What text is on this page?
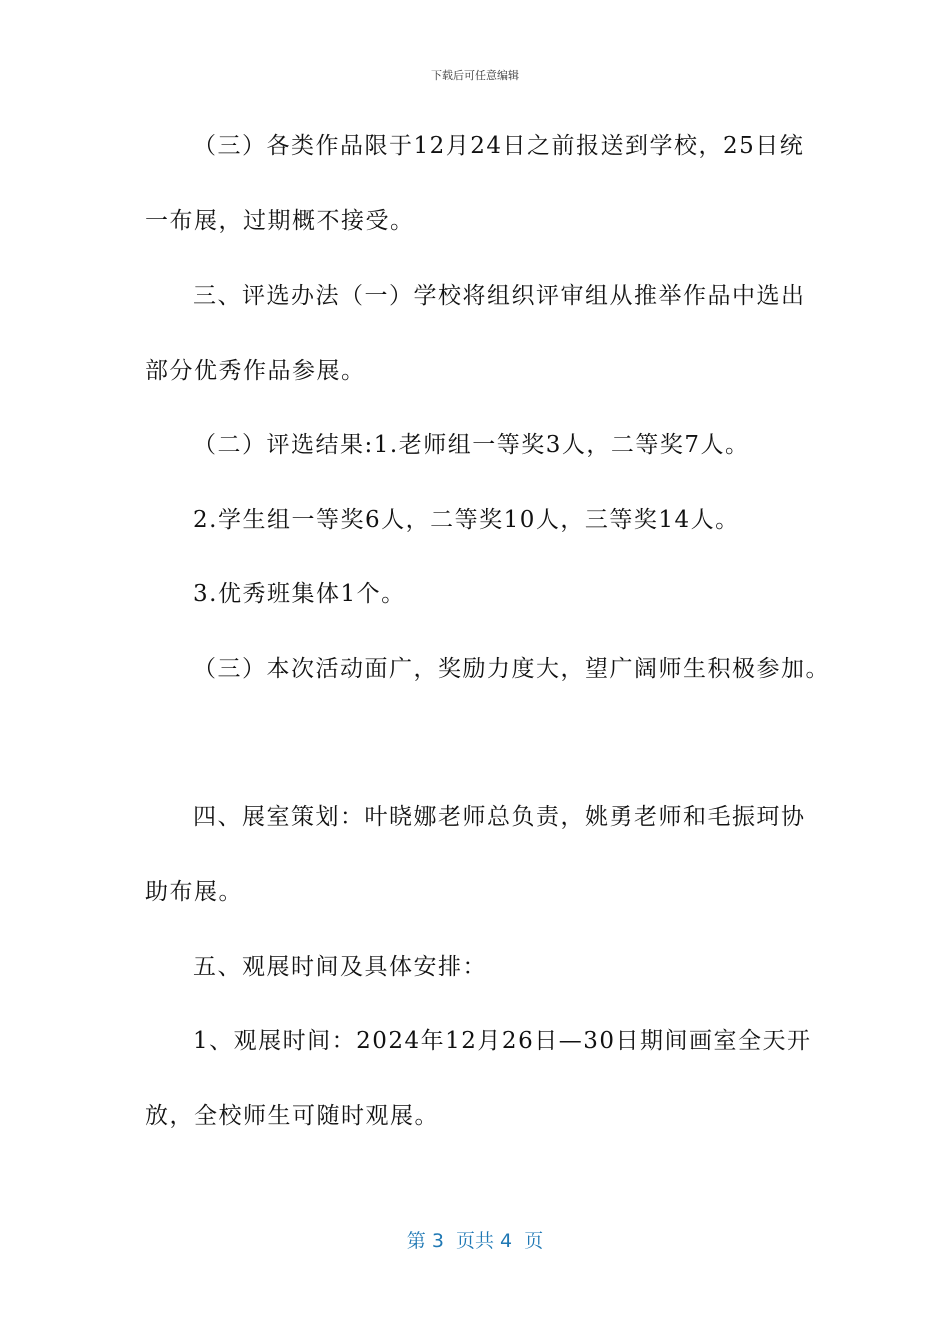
下载后可任意编辑
（三）各类作品限于12月24日之前报送到学校，25日统
一布展，过期概不接受。
三、评选办法（一）学校将组织评审组从推举作品中选出
部分优秀作品参展。
（二）评选结果:1.老师组一等奖3人，二等奖7人。
2.学生组一等奖6人，二等奖10人，三等奖14人。
3.优秀班集体1个。
（三）本次活动面广，奖励力度大，望广阔师生积极参加。
四、展室策划：叶晓娜老师总负责，姚勇老师和毛振珂协
助布展。
五、观展时间及具体安排：
1、观展时间：2024年12月26日—30日期间画室全天开
放，全校师生可随时观展。
第 3  页共 4  页
